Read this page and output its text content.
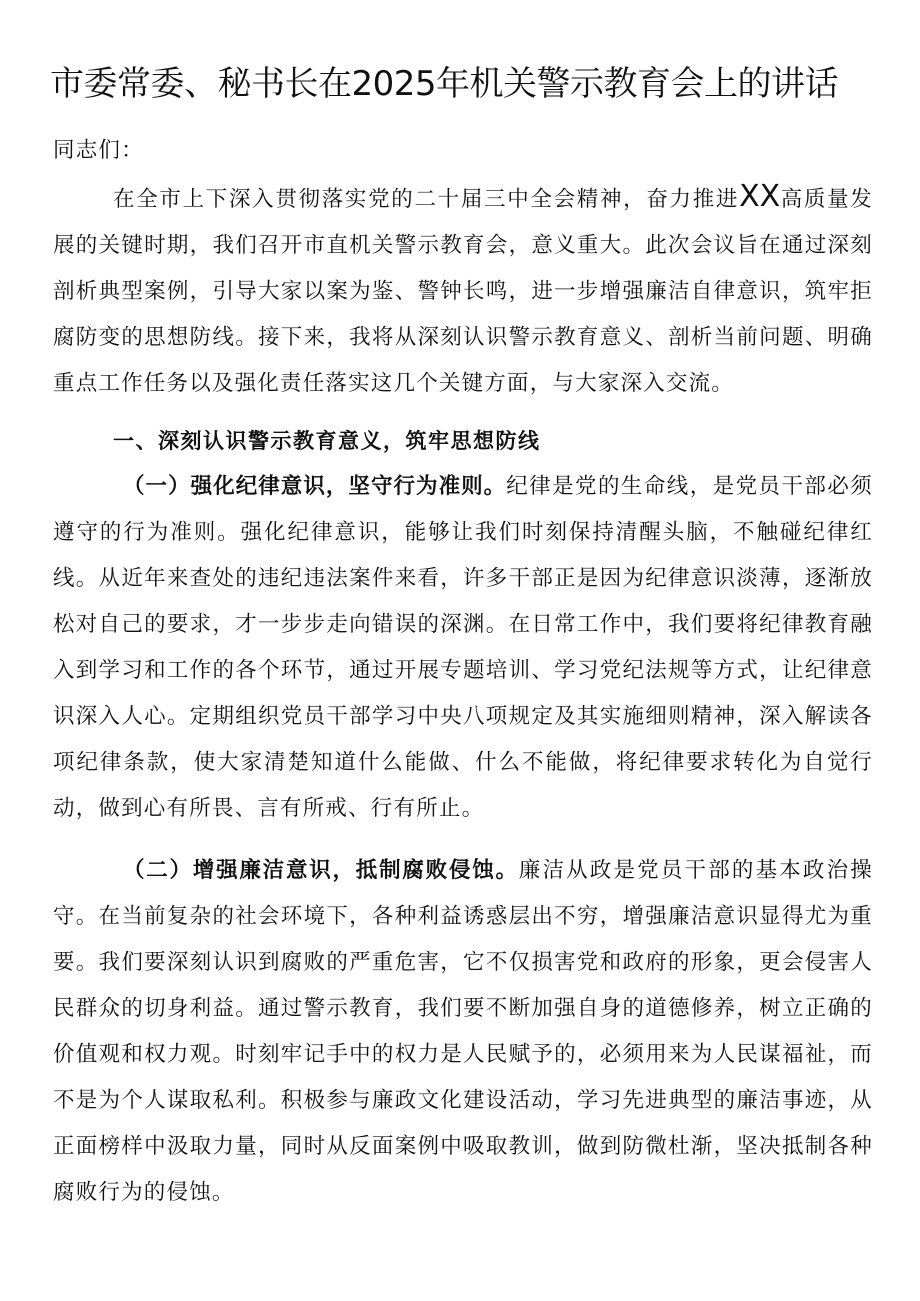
市委常委、秘书长在2025年机关警示教育会上的讲话
同志们：
在全市上下深入贯彻落实党的二十届三中全会精神，奋力推进XX高质量发展的关键时期，我们召开市直机关警示教育会，意义重大。此次会议旨在通过深刻剖析典型案例，引导大家以案为鉴、警钟长鸣，进一步增强廉洁自律意识，筑牢拒腐防变的思想防线。接下来，我将从深刻认识警示教育意义、剖析当前问题、明确重点工作任务以及强化责任落实这几个关键方面，与大家深入交流。
一、深刻认识警示教育意义，筑牢思想防线
（一）强化纪律意识，坚守行为准则。纪律是党的生命线，是党员干部必须遵守的行为准则。强化纪律意识，能够让我们时刻保持清醒头脑，不触碰纪律红线。从近年来查处的违纪违法案件来看，许多干部正是因为纪律意识淡薄，逐渐放松对自己的要求，才一步步走向错误的深渊。在日常工作中，我们要将纪律教育融入到学习和工作的各个环节，通过开展专题培训、学习党纪法规等方式，让纪律意识深入人心。定期组织党员干部学习中央八项规定及其实施细则精神，深入解读各项纪律条款，使大家清楚知道什么能做、什么不能做，将纪律要求转化为自觉行动，做到心有所畏、言有所戒、行有所止。
（二）增强廉洁意识，抵制腐败侵蚀。廉洁从政是党员干部的基本政治操守。在当前复杂的社会环境下，各种利益诱惑层出不穷，增强廉洁意识显得尤为重要。我们要深刻认识到腐败的严重危害，它不仅损害党和政府的形象，更会侵害人民群众的切身利益。通过警示教育，我们要不断加强自身的道德修养，树立正确的价值观和权力观。时刻牢记手中的权力是人民赋予的，必须用来为人民谋福祉，而不是为个人谋取私利。积极参与廉政文化建设活动，学习先进典型的廉洁事迹，从正面榜样中汲取力量，同时从反面案例中吸取教训，做到防微杜渐，坚决抵制各种腐败行为的侵蚀。
